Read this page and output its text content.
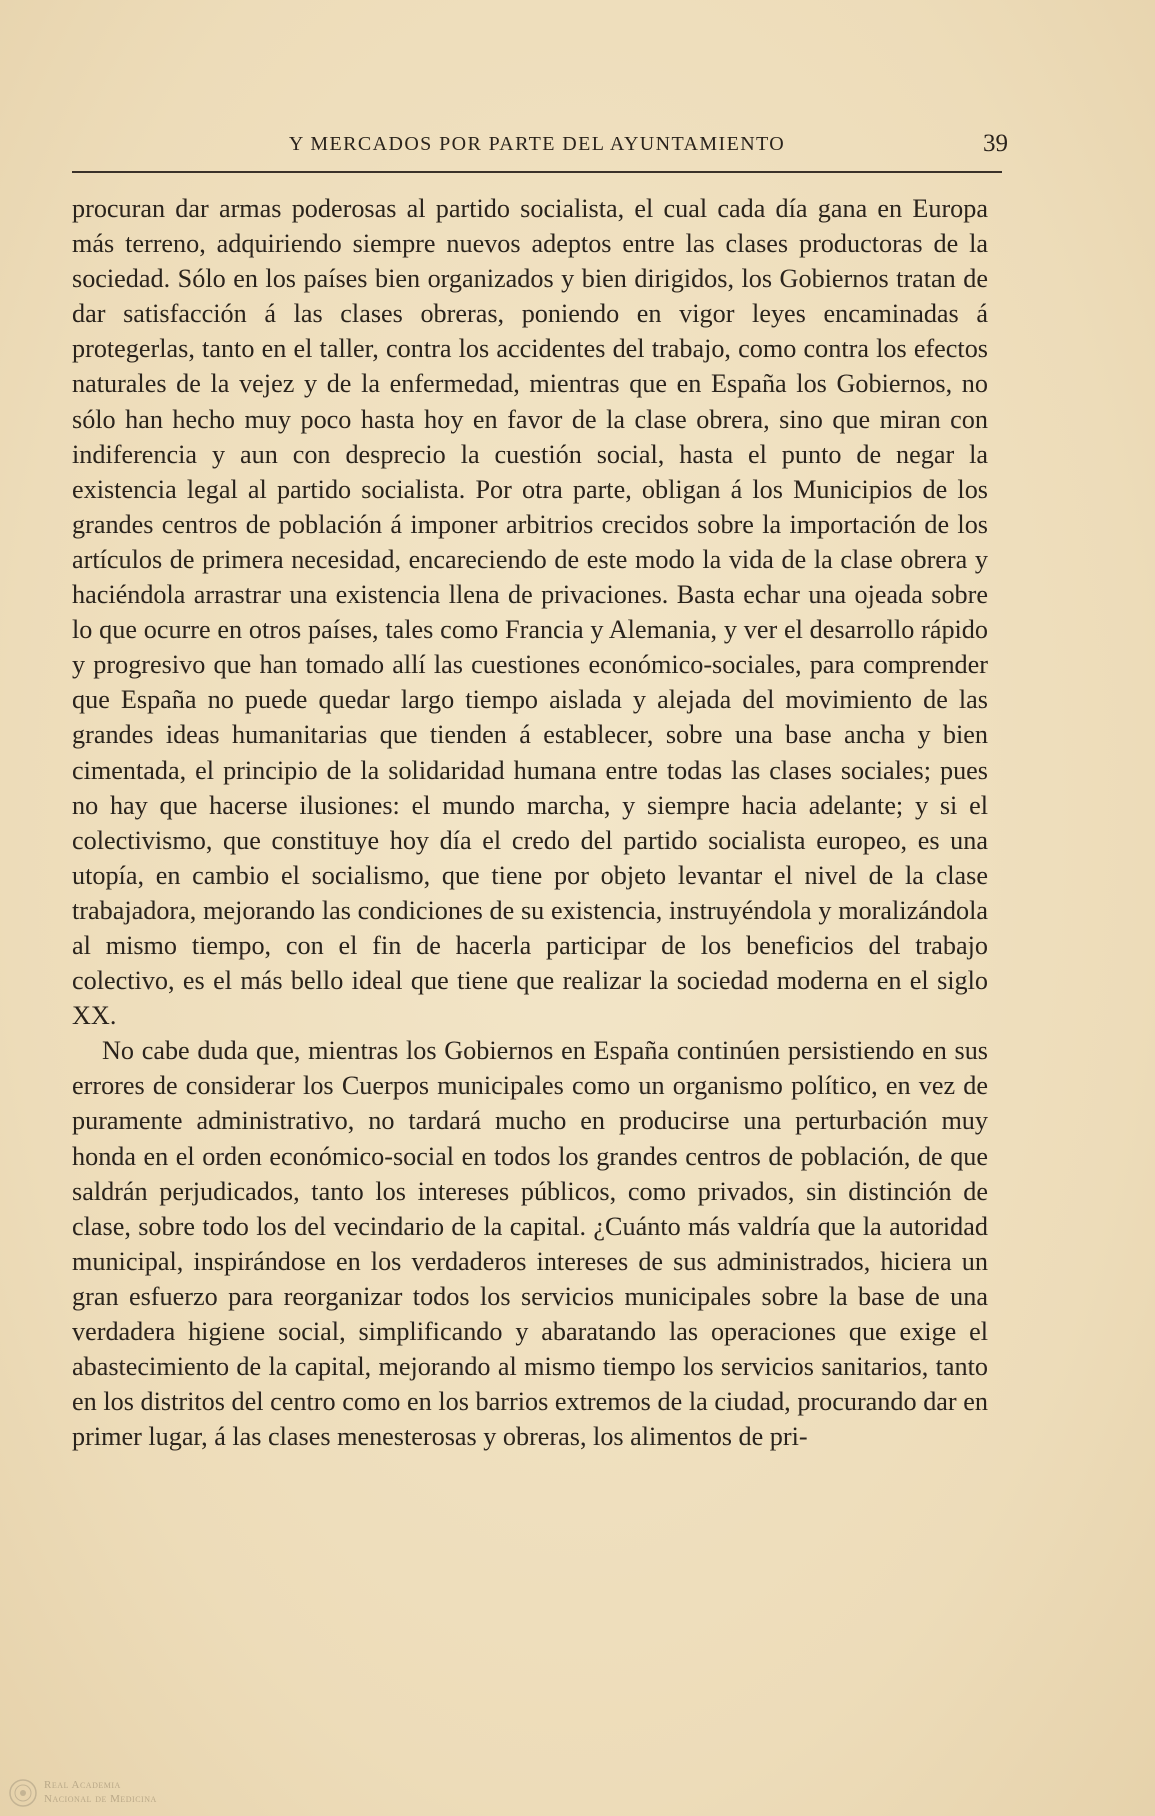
Y MERCADOS POR PARTE DEL AYUNTAMIENTO	39

procuran dar armas poderosas al partido socialista, el cual cada día gana en Europa más terreno, adquiriendo siempre nuevos adeptos entre las clases productoras de la sociedad. Sólo en los países bien organizados y bien dirigidos, los Gobiernos tratan de dar satisfacción á las clases obreras, poniendo en vigor leyes encaminadas á protegerlas, tanto en el taller, contra los accidentes del trabajo, como contra los efectos naturales de la vejez y de la enfermedad, mientras que en España los Gobiernos, no sólo han hecho muy poco hasta hoy en favor de la clase obrera, sino que miran con indiferencia y aun con desprecio la cuestión social, hasta el punto de negar la existencia legal al partido socialista. Por otra parte, obligan á los Municipios de los grandes centros de población á imponer arbitrios crecidos sobre la importación de los artículos de primera necesidad, encareciendo de este modo la vida de la clase obrera y haciéndola arrastrar una existencia llena de privaciones. Basta echar una ojeada sobre lo que ocurre en otros países, tales como Francia y Alemania, y ver el desarrollo rápido y progresivo que han tomado allí las cuestiones económico-sociales, para comprender que España no puede quedar largo tiempo aislada y alejada del movimiento de las grandes ideas humanitarias que tienden á establecer, sobre una base ancha y bien cimentada, el principio de la solidaridad humana entre todas las clases sociales; pues no hay que hacerse ilusiones: el mundo marcha, y siempre hacia adelante; y si el colectivismo, que constituye hoy día el credo del partido socialista europeo, es una utopía, en cambio el socialismo, que tiene por objeto levantar el nivel de la clase trabajadora, mejorando las condiciones de su existencia, instruyéndola y moralizándola al mismo tiempo, con el fin de hacerla participar de los beneficios del trabajo colectivo, es el más bello ideal que tiene que realizar la sociedad moderna en el siglo XX.

No cabe duda que, mientras los Gobiernos en España continúen persistiendo en sus errores de considerar los Cuerpos municipales como un organismo político, en vez de puramente administrativo, no tardará mucho en producirse una perturbación muy honda en el orden económico-social en todos los grandes centros de población, de que saldrán perjudicados, tanto los intereses públicos, como privados, sin distinción de clase, sobre todo los del vecindario de la capital. ¿Cuánto más valdría que la autoridad municipal, inspirándose en los verdaderos intereses de sus administrados, hiciera un gran esfuerzo para reorganizar todos los servicios municipales sobre la base de una verdadera higiene social, simplificando y abaratando las operaciones que exige el abastecimiento de la capital, mejorando al mismo tiempo los servicios sanitarios, tanto en los distritos del centro como en los barrios extremos de la ciudad, procurando dar en primer lugar, á las clases menesterosas y obreras, los alimentos de pri-

Real Academia
Nacional de Medicina
